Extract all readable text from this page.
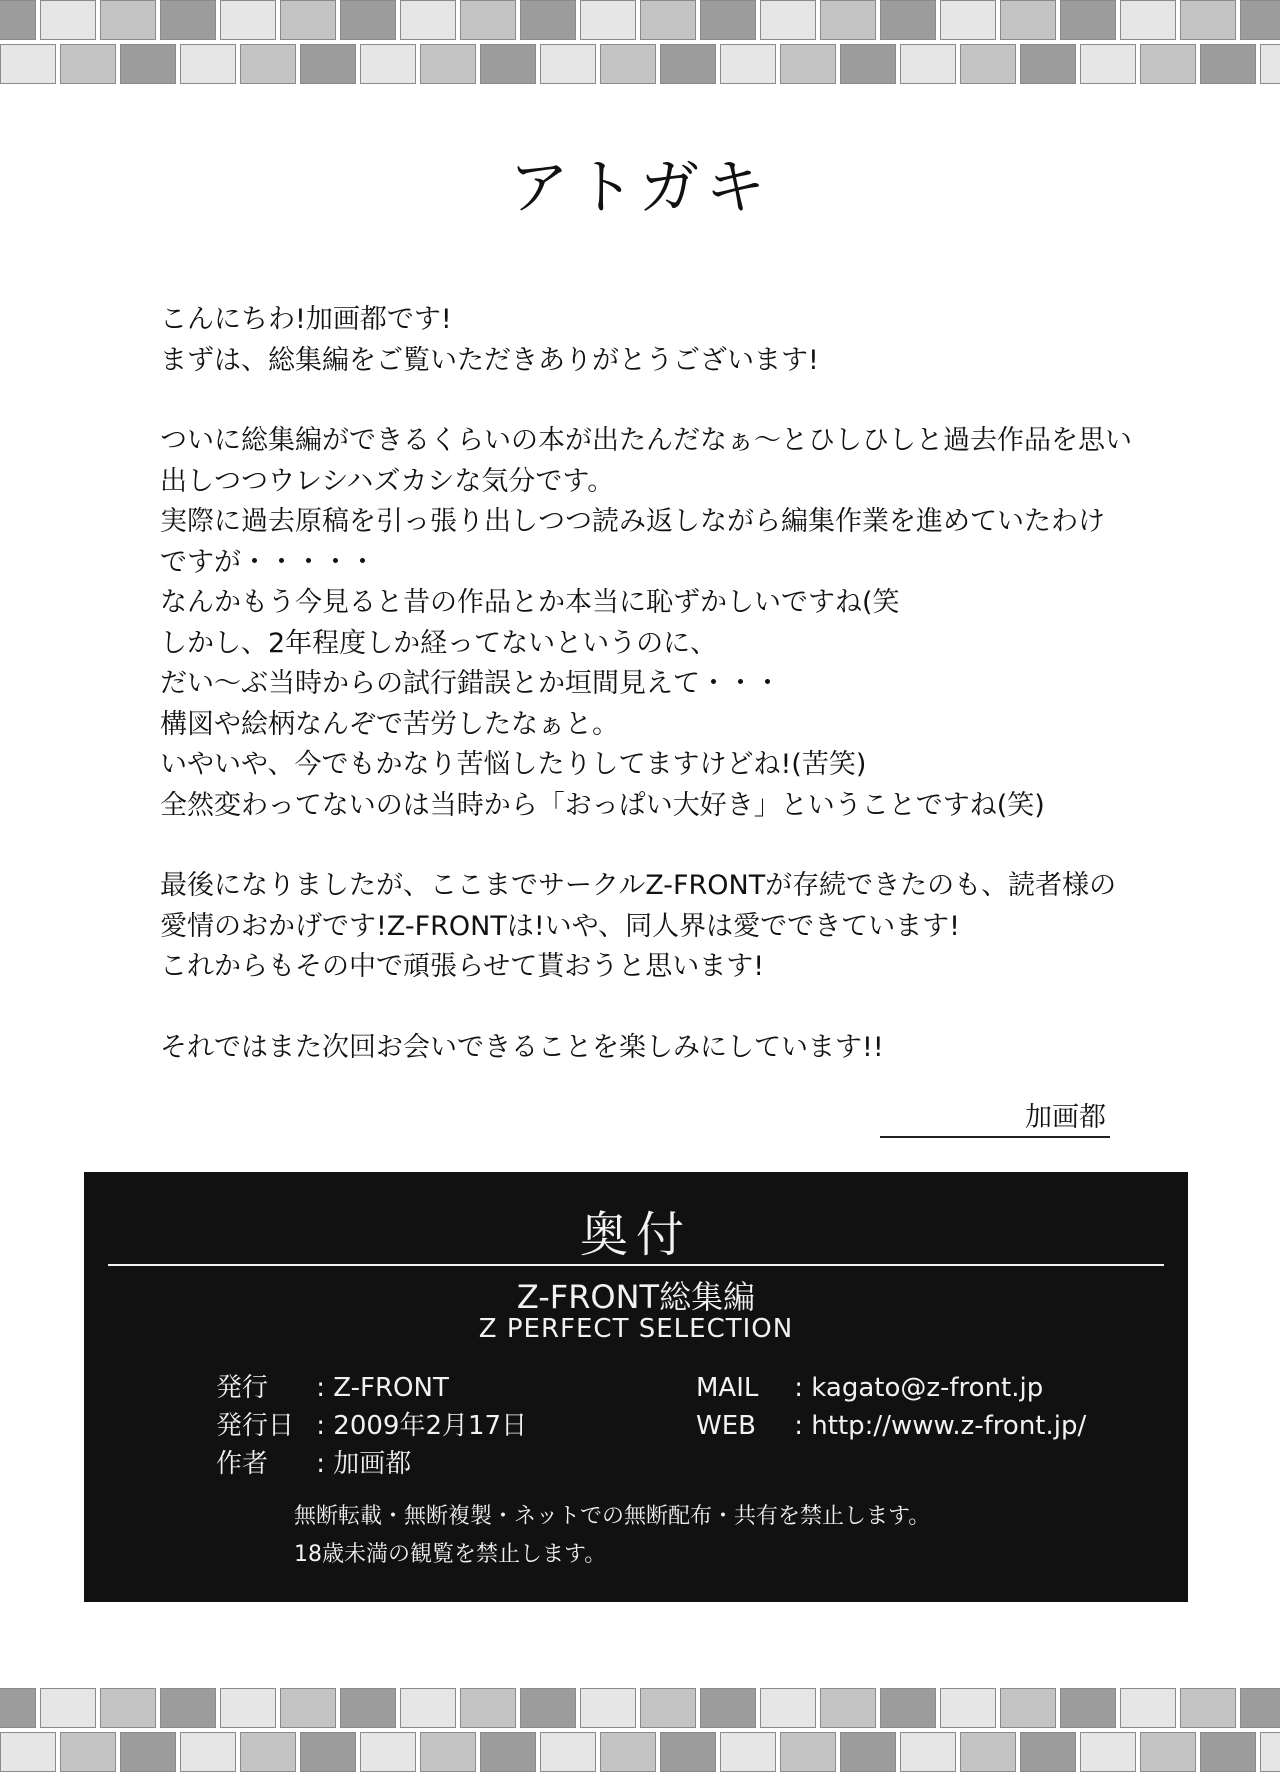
アトガキ

こんにちわ!加画都です!
まずは、総集編をご覧いただきありがとうございます!

ついに総集編ができるくらいの本が出たんだなぁ〜とひしひしと過去作品を思い
出しつつウレシハズカシな気分です。
実際に過去原稿を引っ張り出しつつ読み返しながら編集作業を進めていたわけ
ですが・・・・・
なんかもう今見ると昔の作品とか本当に恥ずかしいですね(笑
しかし、2年程度しか経ってないというのに、
だい〜ぶ当時からの試行錯誤とか垣間見えて・・・
構図や絵柄なんぞで苦労したなぁと。
いやいや、今でもかなり苦悩したりしてますけどね!(苦笑)
全然変わってないのは当時から「おっぱい大好き」ということですね(笑)

最後になりましたが、ここまでサークルZ-FRONTが存続できたのも、読者様の
愛情のおかげです!Z-FRONTは!いや、同人界は愛でできています!
これからもその中で頑張らせて貰おうと思います!

それではまた次回お会いできることを楽しみにしています!!

加画都
奥付
Z-FRONT総集編
Z PERFECT SELECTION
発行 : Z-FRONT
発行日 : 2009年2月17日
作者 : 加画都
MAIL : kagato@z-front.jp
WEB : http://www.z-front.jp/
無断転載・無断複製・ネットでの無断配布・共有を禁止します。
18歳未満の観覧を禁止します。
